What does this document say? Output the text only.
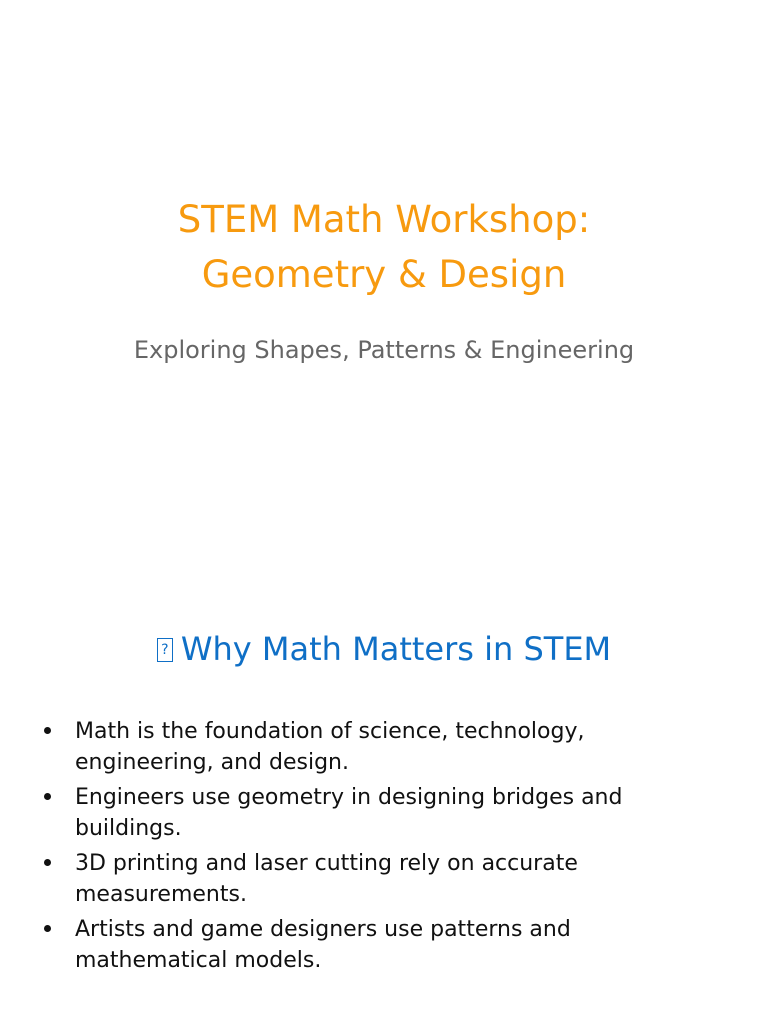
STEM Math Workshop:
Geometry & Design
Exploring Shapes, Patterns & Engineering
?Why Math Matters in STEM
Math is the foundation of science, technology, engineering, and design.
Engineers use geometry in designing bridges and buildings.
3D printing and laser cutting rely on accurate measurements.
Artists and game designers use patterns and mathematical models.
